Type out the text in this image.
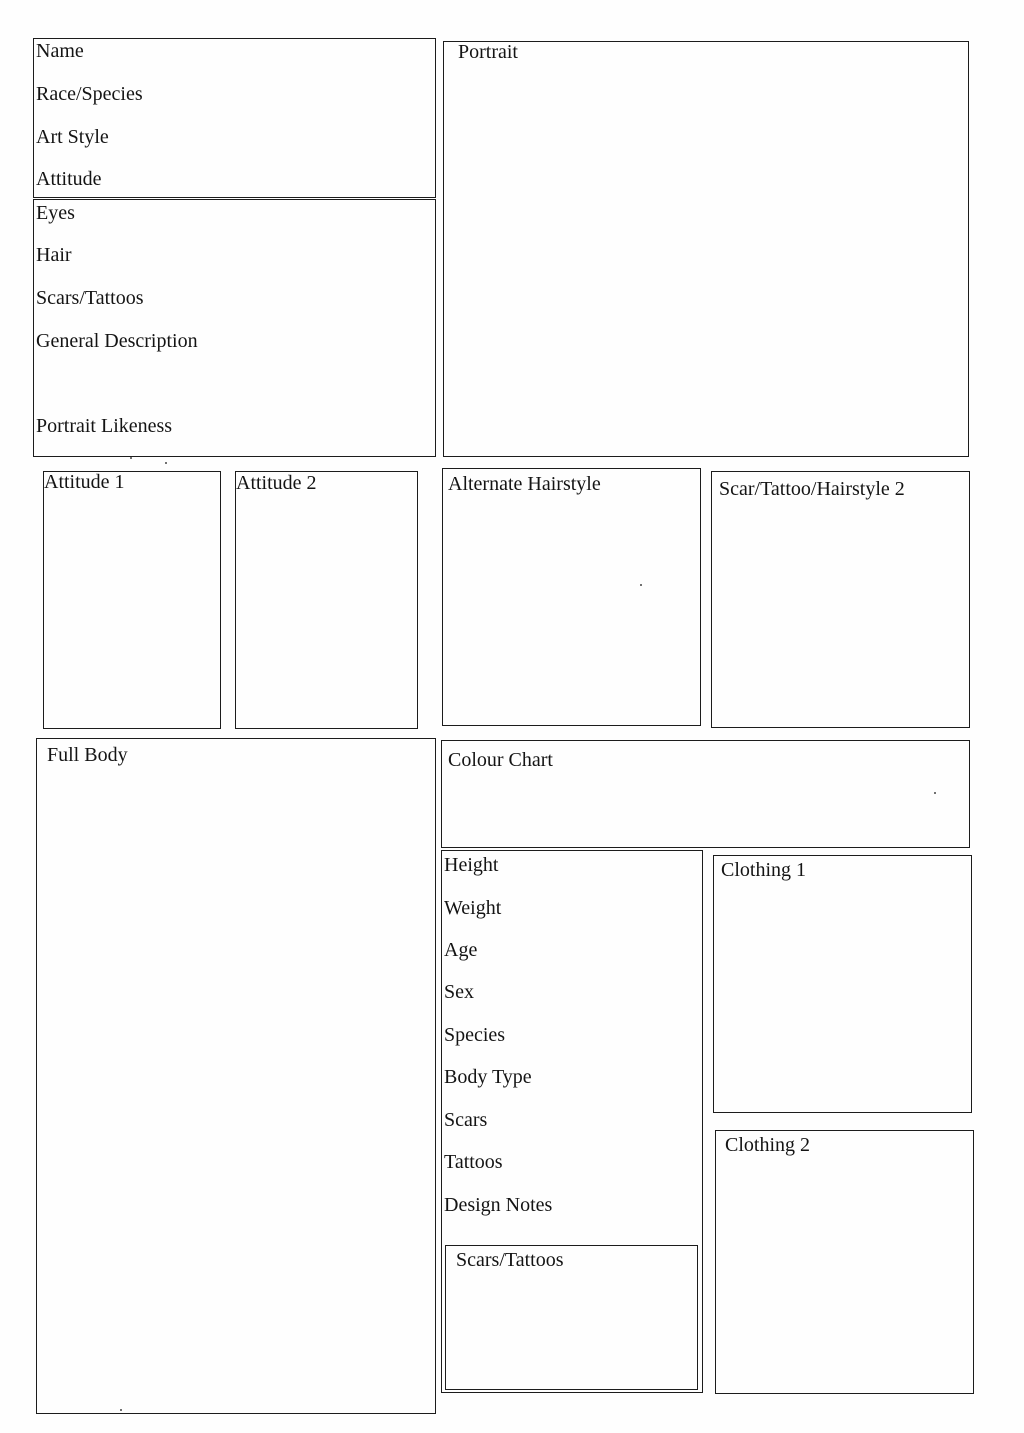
Name
Race/Species
Art Style
Attitude
Eyes
Hair
Scars/Tattoos
General Description
Portrait Likeness
Portrait
Attitude 1	Attitude 2	Alternate Hairstyle	Scar/Tattoo/Hairstyle 2
Full Body	Colour Chart
Height
Weight
Age
Sex
Species
Body Type
Scars
Tattoos
Design Notes
Scars/Tattoos
Clothing 1
Clothing 2
